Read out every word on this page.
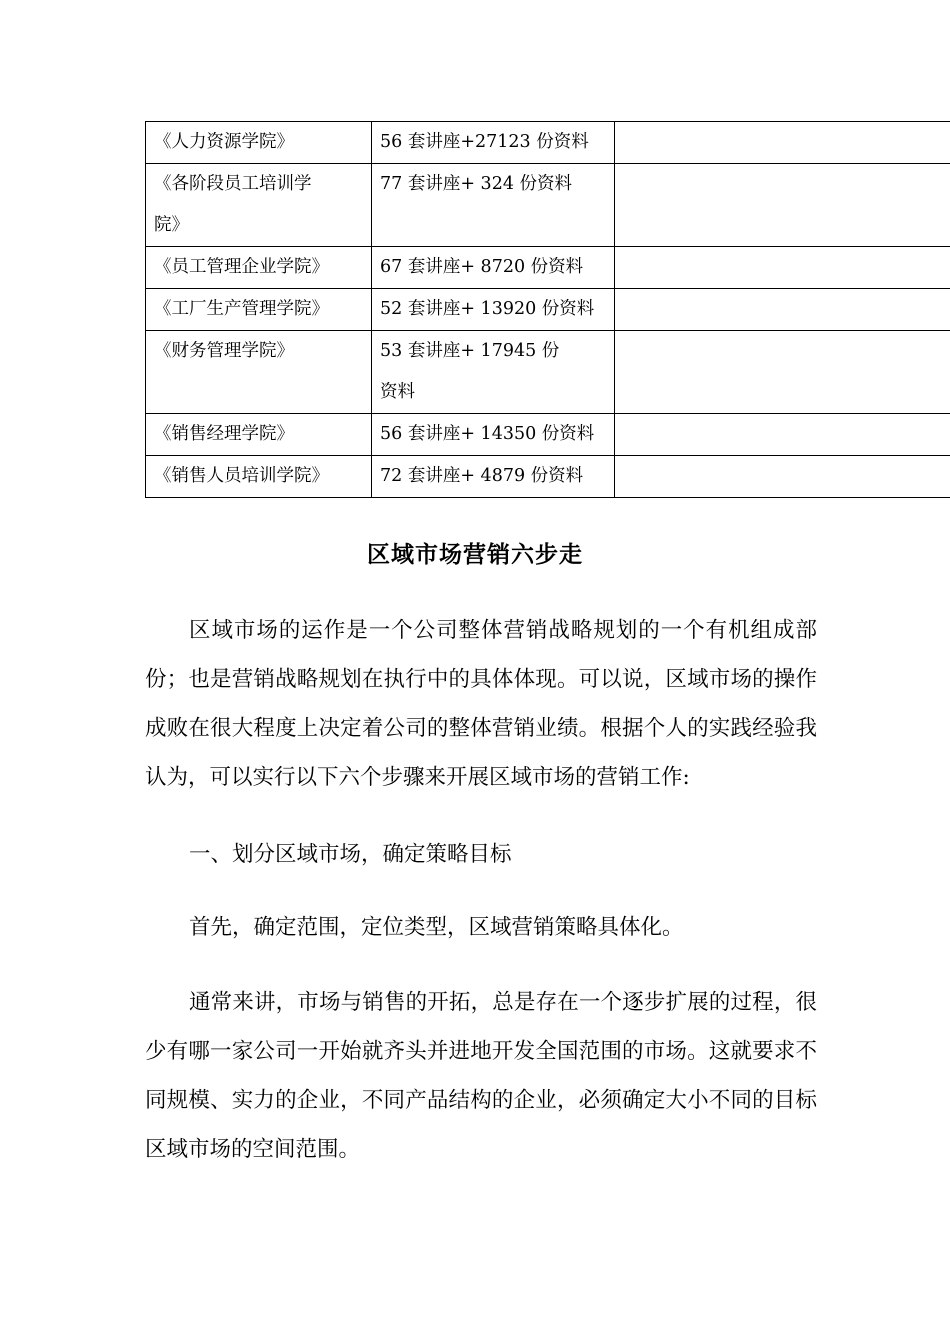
《人力资源学院》	56 套讲座+27123 份资料	
《各阶段员工培训学院》	77 套讲座+ 324 份资料	
《员工管理企业学院》	67 套讲座+ 8720 份资料	
《工厂生产管理学院》	52 套讲座+ 13920 份资料	
《财务管理学院》	53 套讲座+ 17945 份资料	
《销售经理学院》	56 套讲座+ 14350 份资料	
《销售人员培训学院》	72 套讲座+ 4879 份资料	
区域市场营销六步走

区域市场的运作是一个公司整体营销战略规划的一个有机组成部份；也是营销战略规划在执行中的具体体现。可以说，区域市场的操作成败在很大程度上决定着公司的整体营销业绩。根据个人的实践经验我认为，可以实行以下六个步骤来开展区域市场的营销工作:

一、划分区域市场，确定策略目标

首先，确定范围，定位类型，区域营销策略具体化。

通常来讲，市场与销售的开拓，总是存在一个逐步扩展的过程，很少有哪一家公司一开始就齐头并进地开发全国范围的市场。这就要求不同规模、实力的企业，不同产品结构的企业，必须确定大小不同的目标区域市场的空间范围。
